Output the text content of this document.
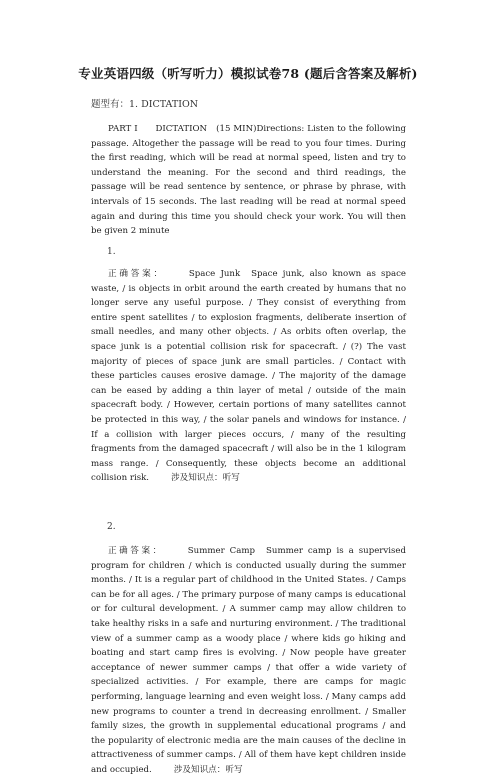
专业英语四级（听写听力）模拟试卷78 (题后含答案及解析)
题型有：1. DICTATION
PART I　　DICTATION　(15 MIN)Directions: Listen to the following passage. Altogether the passage will be read to you four times. During the first reading, which will be read at normal speed, listen and try to understand the meaning. For the second and third readings, the passage will be read sentence by sentence, or phrase by phrase, with intervals of 15 seconds. The last reading will be read at normal speed again and during this time you should check your work. You will then be given 2 minute
1.
正确答案：	Space Junk Space junk, also known as space waste, / is objects in orbit around the earth created by humans that no longer serve any useful purpose. / They consist of everything from entire spent satellites / to explosion fragments, deliberate insertion of small needles, and many other objects. / As orbits often overlap, the space junk is a potential collision risk for spacecraft. / (?) The vast majority of pieces of space junk are small particles. / Contact with these particles causes erosive damage. / The majority of the damage can be eased by adding a thin layer of metal / outside of the main spacecraft body. / However, certain portions of many satellites cannot be protected in this way, / the solar panels and windows for instance. / If a collision with larger pieces occurs, / many of the resulting fragments from the damaged spacecraft / will also be in the 1 kilogram mass range. / Consequently, these objects become an additional collision risk.	涉及知识点：听写
2.
正确答案：	Summer Camp Summer camp is a supervised program for children / which is conducted usually during the summer months. / It is a regular part of childhood in the United States. / Camps can be for all ages. / The primary purpose of many camps is educational or for cultural development. / A summer camp may allow children to take healthy risks in a safe and nurturing environment. / The traditional view of a summer camp as a woody place / where kids go hiking and boating and start camp fires is evolving. / Now people have greater acceptance of newer summer camps / that offer a wide variety of specialized activities. / For example, there are camps for magic performing, language learning and even weight loss. / Many camps add new programs to counter a trend in decreasing enrollment. / Smaller family sizes, the growth in supplemental educational programs / and the popularity of electronic media are the main causes of the decline in attractiveness of summer camps. / All of them have kept children inside and occupied.	涉及知识点：听写
